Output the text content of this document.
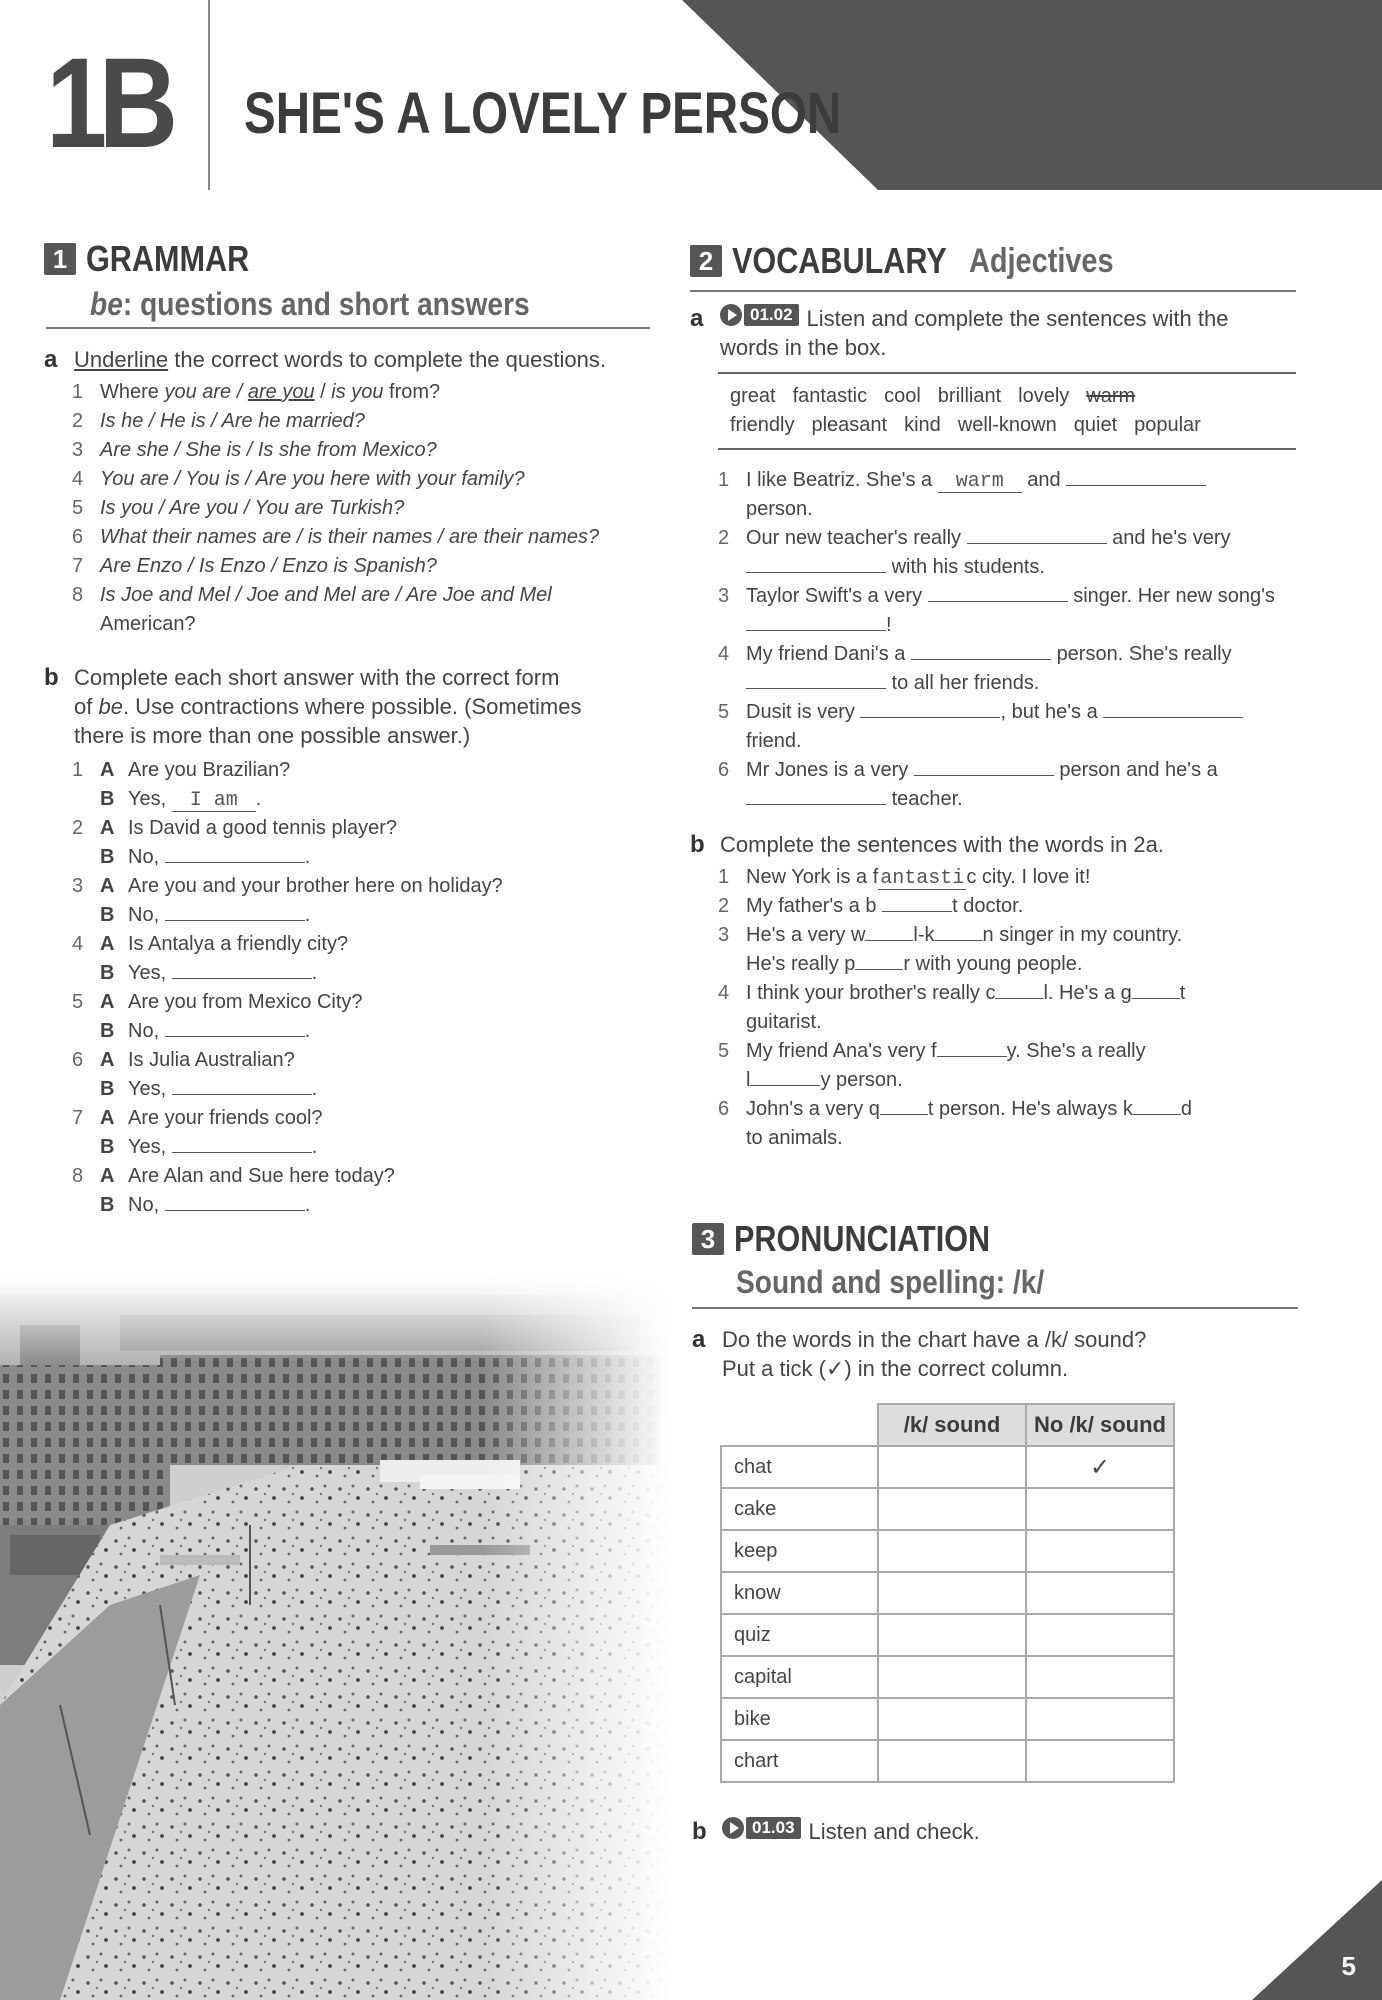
1B SHE'S A LOVELY PERSON
1 GRAMMAR
be: questions and short answers
a Underline the correct words to complete the questions.
1 Where you are / are you / is you from?
2 Is he / He is / Are he married?
3 Are she / She is / Is she from Mexico?
4 You are / You is / Are you here with your family?
5 Is you / Are you / You are Turkish?
6 What their names are / is their names / are their names?
7 Are Enzo / Is Enzo / Enzo is Spanish?
8 Is Joe and Mel / Joe and Mel are / Are Joe and Mel
American?
b Complete each short answer with the correct form
of be. Use contractions where possible. (Sometimes
there is more than one possible answer.)
1 A Are you Brazilian?
B Yes, I am .
2 A Is David a good tennis player?
B No,	.
3 A Are you and your brother here on holiday?
B No,	.
4 A Is Antalya a friendly city?
B Yes,	.
5 A Are you from Mexico City?
B No,	.
6 A Is Julia Australian?
B Yes,	.
7 A Are your friends cool?
B Yes,	.
8 A Are Alan and Sue here today?
B No,	.
2 VOCABULARY Adjectives
a	01.02 Listen and complete the sentences with the
words in the box.
great fantastic cool brilliant lovely warm
friendly pleasant kind well-known quiet popular
1 I like Beatriz. She's a warm and
person.
2 Our new teacher's really	and he's very
with his students.
3 Taylor Swift's a very	singer. Her new song's
!
4 My friend Dani's a	person. She's really
to all her friends.
5 Dusit is very	, but he's a
friend.
6 Mr Jones is a very	person and he's a
teacher.
b Complete the sentences with the words in 2a.
1 New York is a f antasti c city. I love it!
2 My father's a b	t doctor.
3 He's a very w l-k n singer in my country.
He's really p r with young people.
4 I think your brother's really c l. He's a g t
guitarist.
5 My friend Ana's very f	y. She's a really
l	y person.
6 John's a very q t person. He's always k d
to animals.
3 PRONUNCIATION
Sound and spelling: /k/
a Do the words in the chart have a /k/ sound?
Put a tick (✓) in the correct column.
	/k/ sound	No /k/ sound
chat		✓
cake		
keep		
know		
quiz		
capital		
bike		
chart		
b	01.03 Listen and check.
5
